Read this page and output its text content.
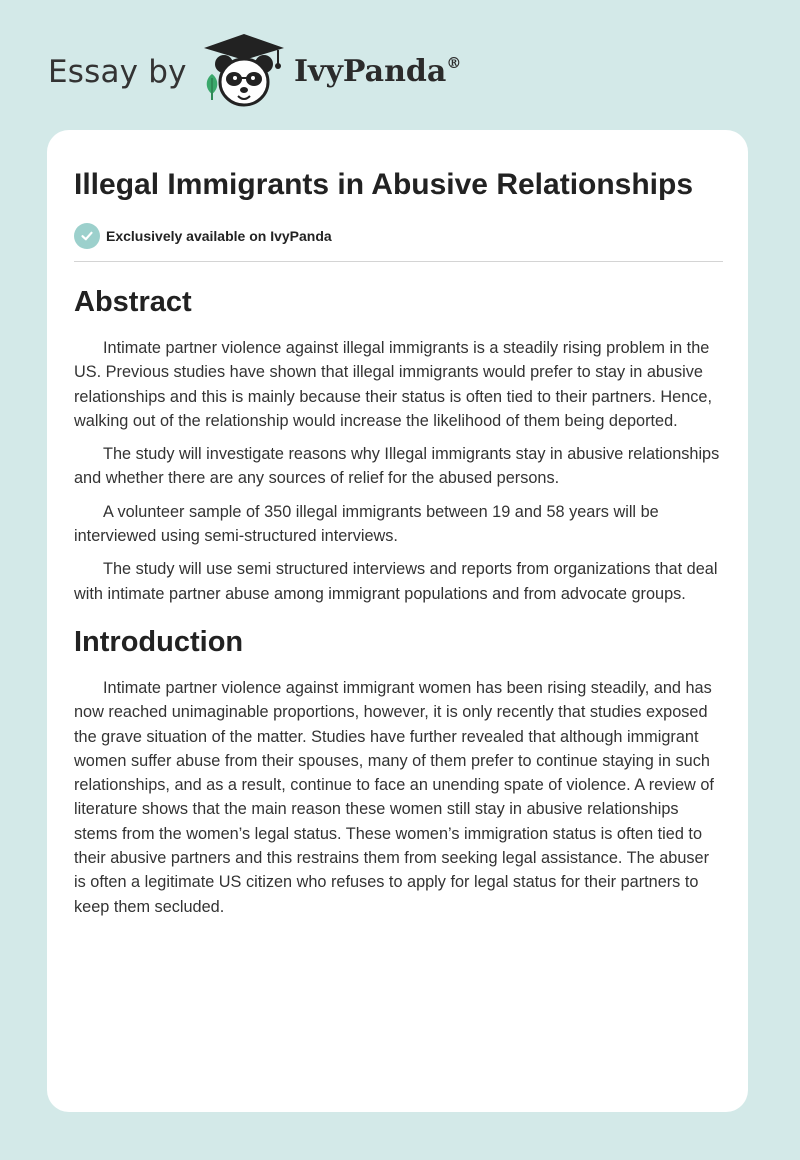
Essay by	IvyPanda®
Illegal Immigrants in Abusive Relationships
Exclusively available on IvyPanda
Abstract

Intimate partner violence against illegal immigrants is a steadily rising problem in the US. Previous studies have shown that illegal immigrants would prefer to stay in abusive relationships and this is mainly because their status is often tied to their partners. Hence, walking out of the relationship would increase the likelihood of them being deported.

The study will investigate reasons why Illegal immigrants stay in abusive relationships and whether there are any sources of relief for the abused persons.

A volunteer sample of 350 illegal immigrants between 19 and 58 years will be interviewed using semi-structured interviews.

The study will use semi structured interviews and reports from organizations that deal with intimate partner abuse among immigrant populations and from advocate groups.

Introduction

Intimate partner violence against immigrant women has been rising steadily, and has now reached unimaginable proportions, however, it is only recently that studies exposed the grave situation of the matter. Studies have further revealed that although immigrant women suffer abuse from their spouses, many of them prefer to continue staying in such relationships, and as a result, continue to face an unending spate of violence. A review of literature shows that the main reason these women still stay in abusive relationships stems from the women’s legal status. These women’s immigration status is often tied to their abusive partners and this restrains them from seeking legal assistance. The abuser is often a legitimate US citizen who refuses to apply for legal status for their partners to keep them secluded.
